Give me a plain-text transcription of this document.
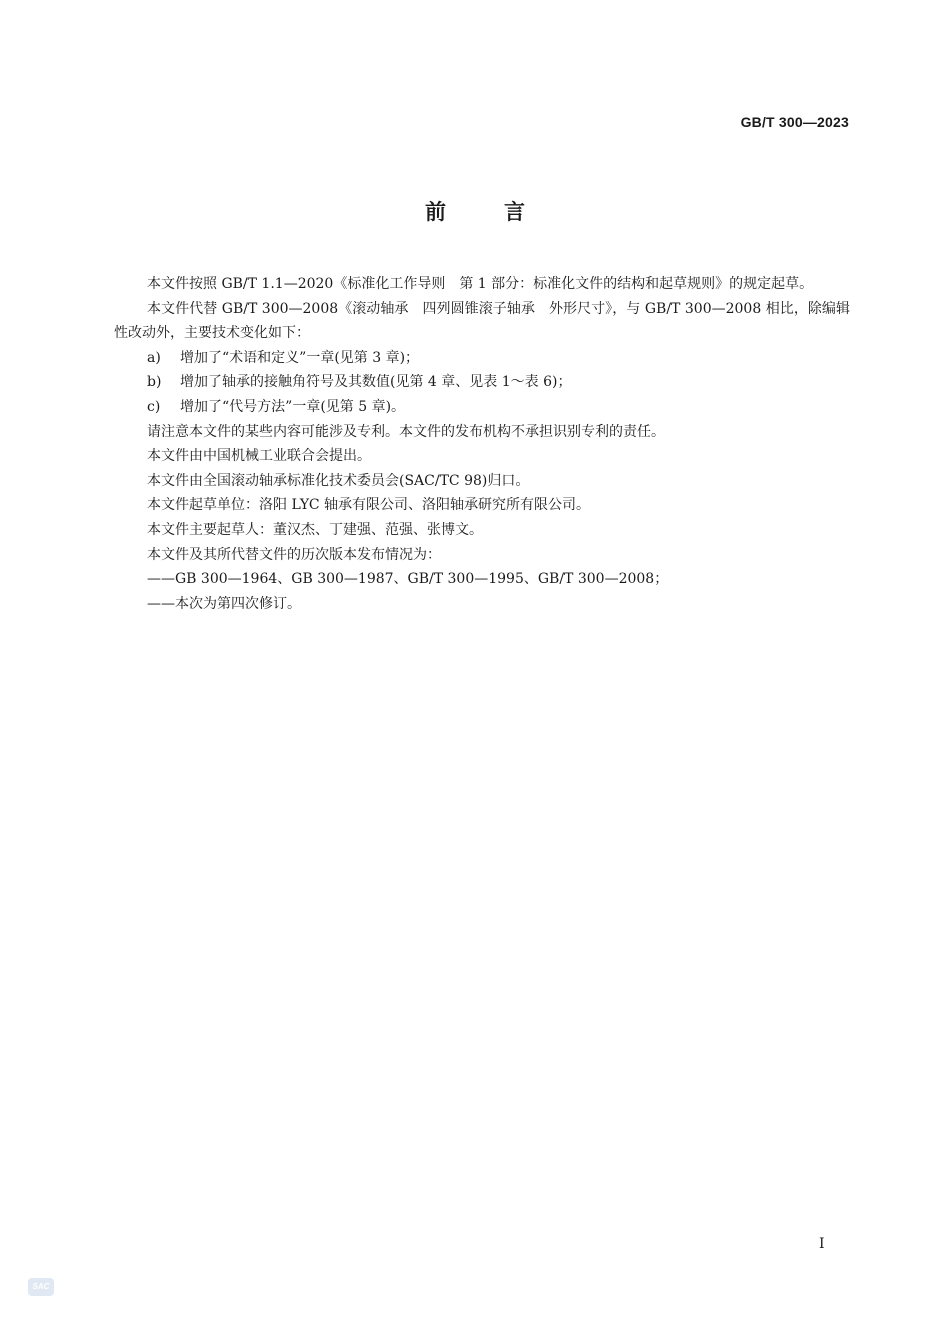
GB/T 300—2023
前	言

本文件按照 GB/T 1.1—2020《标准化工作导则　第 1 部分：标准化文件的结构和起草规则》的规定起草。

本文件代替 GB/T 300—2008《滚动轴承　四列圆锥滚子轴承　外形尺寸》，与 GB/T 300—2008 相比，除编辑性改动外，主要技术变化如下：

a) 增加了“术语和定义”一章(见第 3 章)；

b) 增加了轴承的接触角符号及其数值(见第 4 章、见表 1～表 6)；

c) 增加了“代号方法”一章(见第 5 章)。

请注意本文件的某些内容可能涉及专利。本文件的发布机构不承担识别专利的责任。

本文件由中国机械工业联合会提出。

本文件由全国滚动轴承标准化技术委员会(SAC/TC 98)归口。

本文件起草单位：洛阳 LYC 轴承有限公司、洛阳轴承研究所有限公司。

本文件主要起草人：董汉杰、丁建强、范强、张博文。

本文件及其所代替文件的历次版本发布情况为：

——GB 300—1964、GB 300—1987、GB/T 300—1995、GB/T 300—2008；

——本次为第四次修订。

I
SAC
